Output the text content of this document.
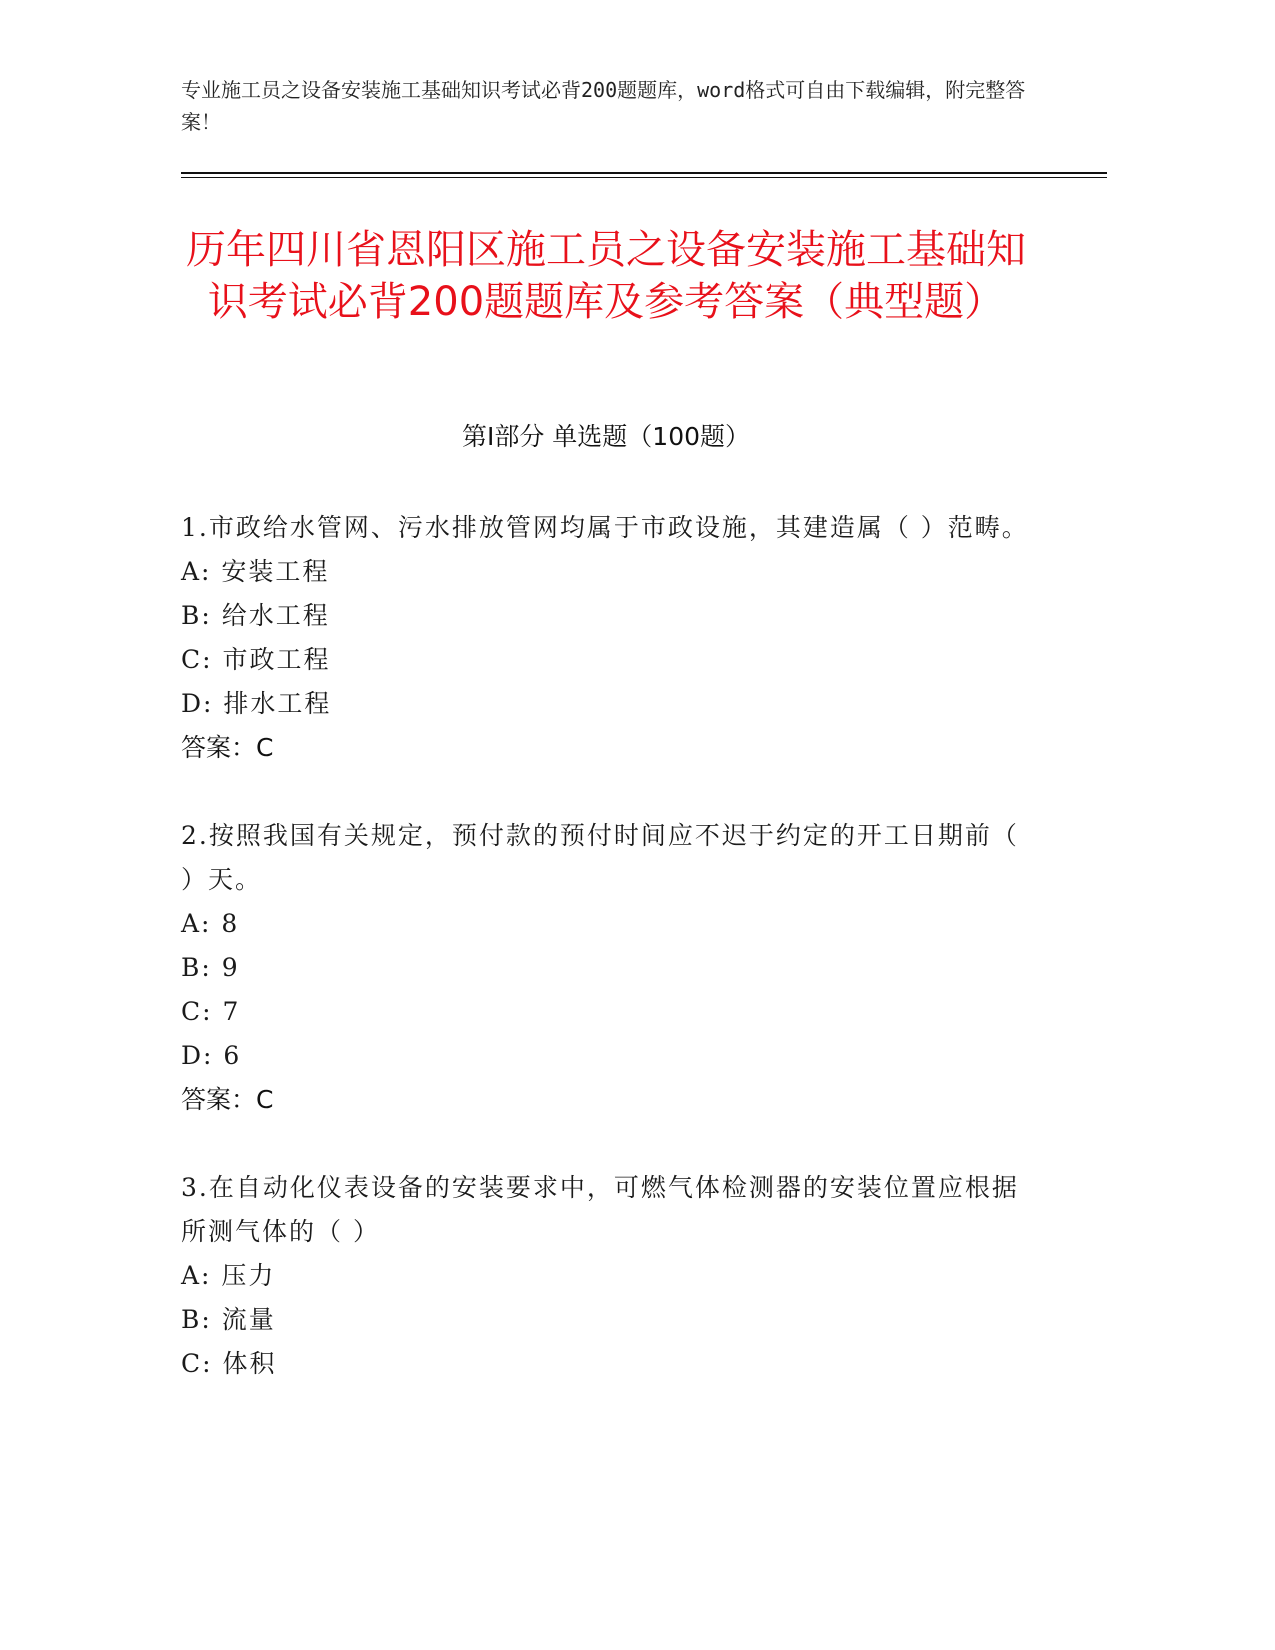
专业施工员之设备安装施工基础知识考试必背200题题库，word格式可自由下载编辑，附完整答案！
历年四川省恩阳区施工员之设备安装施工基础知识考试必背200题题库及参考答案（典型题）
第Ⅰ部分 单选题（100题）
1.市政给水管网、污水排放管网均属于市政设施，其建造属（ ）范畴。
A: 安装工程
B: 给水工程
C: 市政工程
D: 排水工程
答案：C
2.按照我国有关规定，预付款的预付时间应不迟于约定的开工日期前（ ）天。
A: 8
B: 9
C: 7
D: 6
答案：C
3.在自动化仪表设备的安装要求中，可燃气体检测器的安装位置应根据所测气体的（ ）
A: 压力
B: 流量
C: 体积
